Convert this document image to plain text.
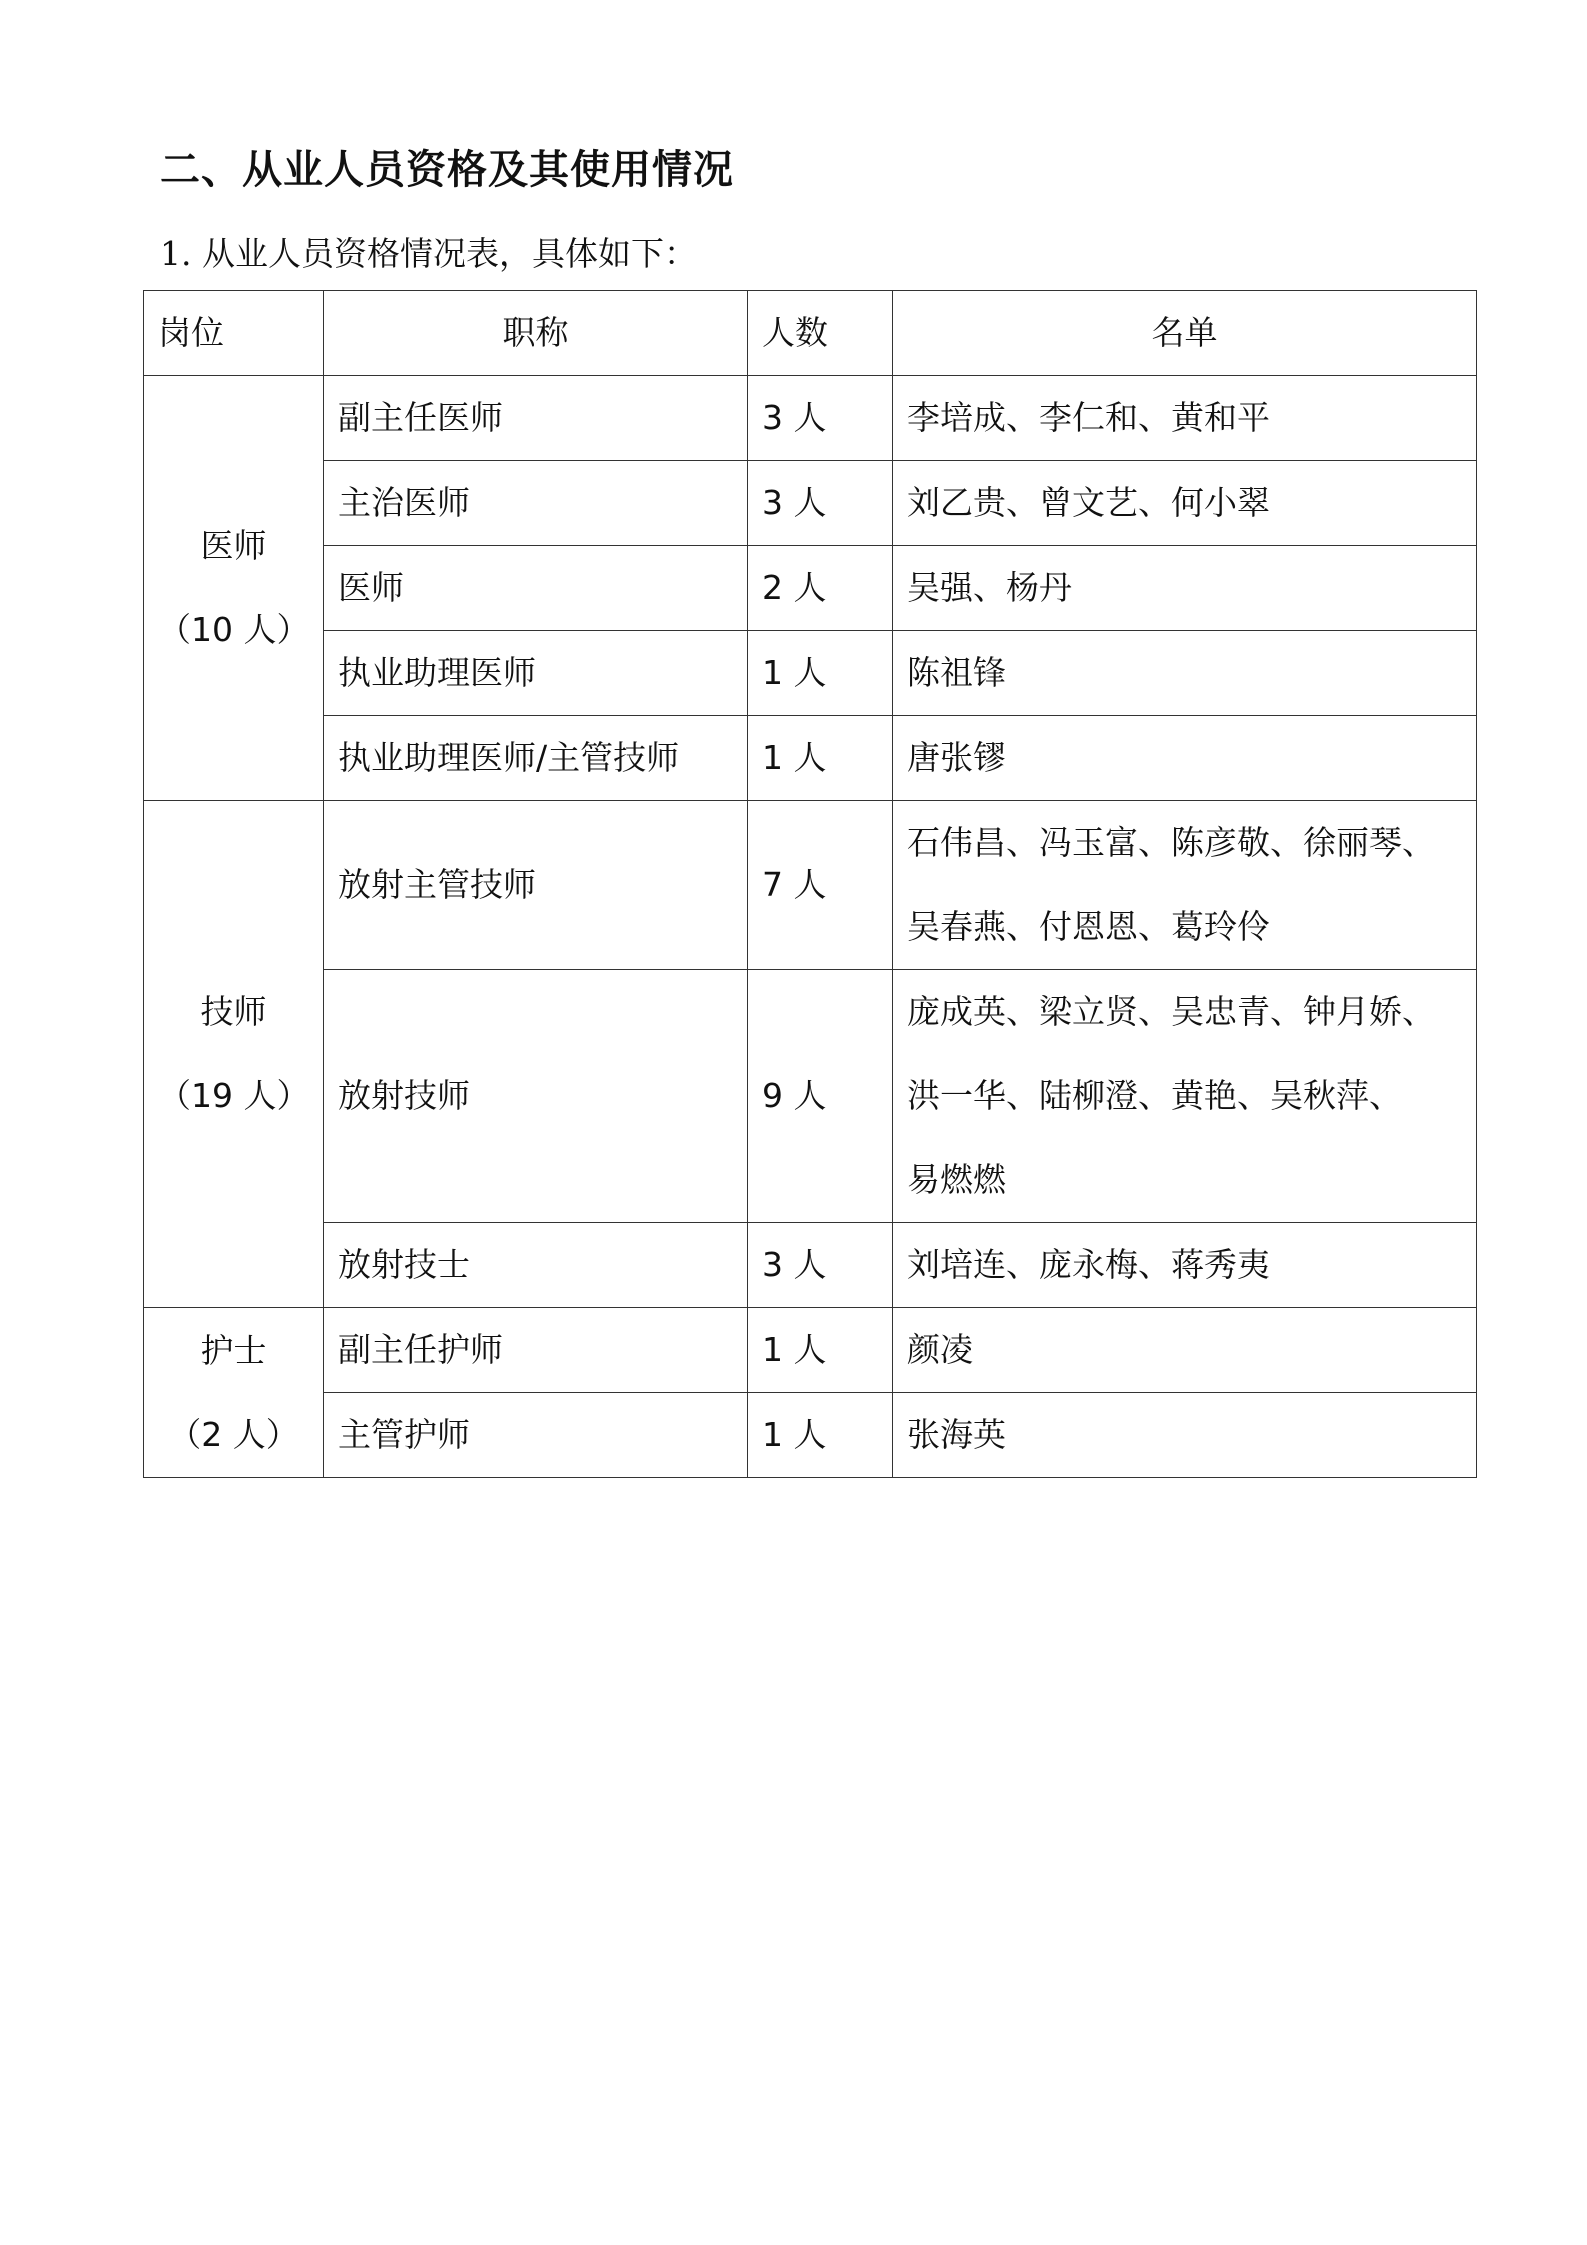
二、从业人员资格及其使用情况
1. 从业人员资格情况表，具体如下：
岗位	职称	人数	名单

医师
（10 人）	副主任医师	3 人	李培成、李仁和、黄和平
	主治医师	3 人	刘乙贵、曾文艺、何小翠
	医师	2 人	吴强、杨丹
	执业助理医师	1 人	陈祖锋
	执业助理医师/主管技师	1 人	唐张镠

技师
（19 人）	放射主管技师	7 人	石伟昌、冯玉富、陈彦敬、徐丽琴、
吴春燕、付恩恩、葛玲伶

	放射技师	9 人	庞成英、梁立贤、吴忠青、钟月娇、
洪一华、陆柳澄、黄艳、吴秋萍、
易燃燃

	放射技士	3 人	刘培连、庞永梅、蒋秀夷

护士
（2 人）	副主任护师	1 人	颜凌
	主管护师	1 人	张海英
